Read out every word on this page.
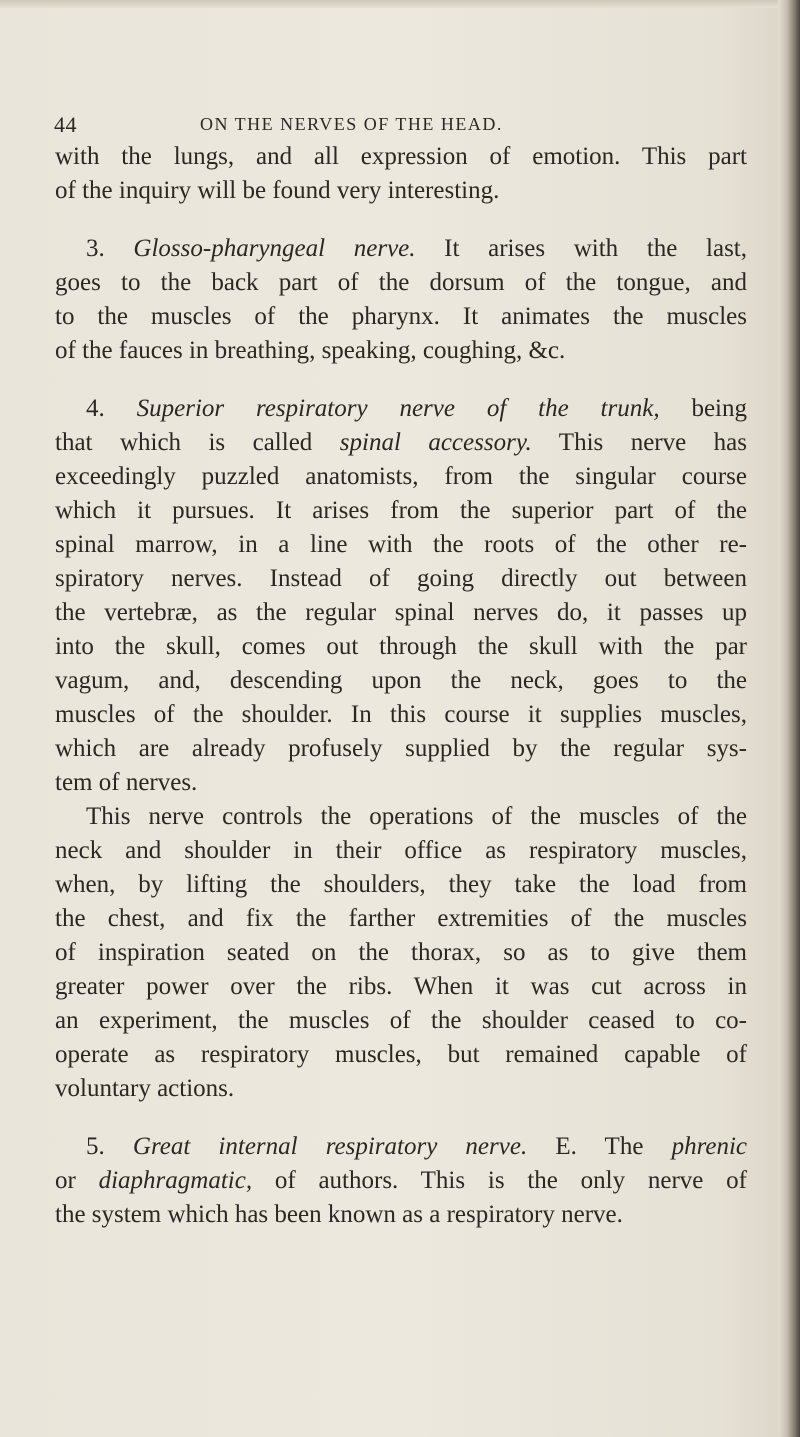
44	ON THE NERVES OF THE HEAD.
with the lungs, and all expression of emotion. This part
of the inquiry will be found very interesting.
3. Glosso-pharyngeal nerve. It arises with the last,
goes to the back part of the dorsum of the tongue, and
to the muscles of the pharynx. It animates the muscles
of the fauces in breathing, speaking, coughing, &c.
4. Superior respiratory nerve of the trunk, being
that which is called spinal accessory. This nerve has
exceedingly puzzled anatomists, from the singular course
which it pursues. It arises from the superior part of the
spinal marrow, in a line with the roots of the other re-
spiratory nerves. Instead of going directly out between
the vertebræ, as the regular spinal nerves do, it passes up
into the skull, comes out through the skull with the par
vagum, and, descending upon the neck, goes to the
muscles of the shoulder. In this course it supplies muscles,
which are already profusely supplied by the regular sys-
tem of nerves.
This nerve controls the operations of the muscles of the
neck and shoulder in their office as respiratory muscles,
when, by lifting the shoulders, they take the load from
the chest, and fix the farther extremities of the muscles
of inspiration seated on the thorax, so as to give them
greater power over the ribs. When it was cut across in
an experiment, the muscles of the shoulder ceased to co-
operate as respiratory muscles, but remained capable of
voluntary actions.
5. Great internal respiratory nerve. E. The phrenic
or diaphragmatic, of authors. This is the only nerve of
the system which has been known as a respiratory nerve.
